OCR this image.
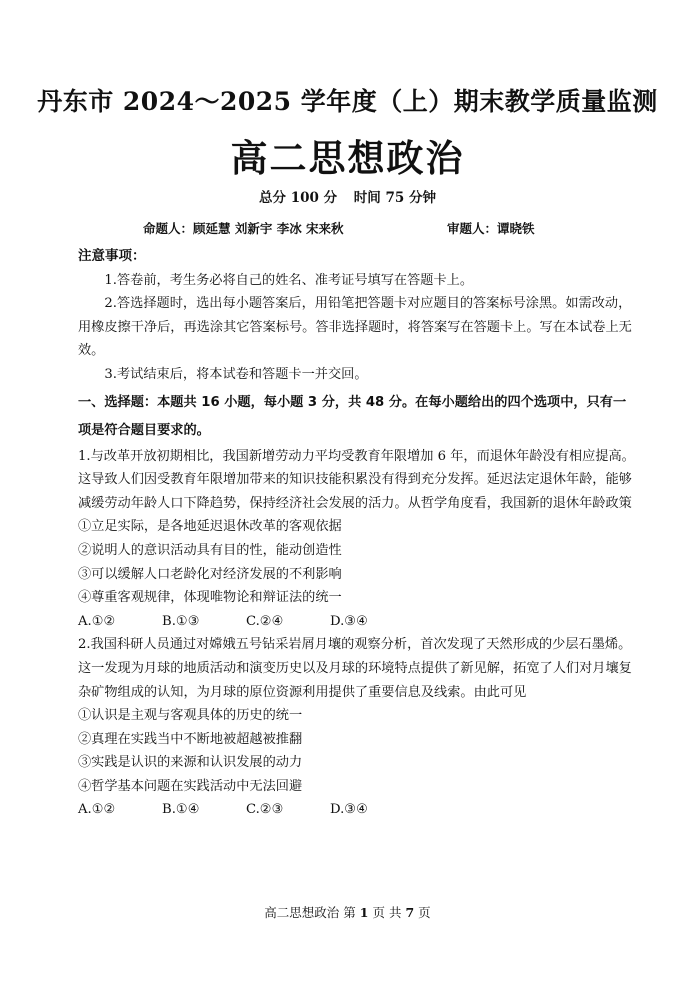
丹东市 2024～2025 学年度（上）期末教学质量监测
高二思想政治
总分 100 分 时间 75 分钟
命题人：顾延慧 刘新宇 李冰 宋来秋	审题人：谭晓铁

注意事项：

1.答卷前，考生务必将自己的姓名、准考证号填写在答题卡上。

2.答选择题时，选出每小题答案后，用铅笔把答题卡对应题目的答案标号涂黑。如需改动，用橡皮擦干净后，再选涂其它答案标号。答非选择题时，将答案写在答题卡上。写在本试卷上无效。

3.考试结束后，将本试卷和答题卡一并交回。

一、选择题：本题共 16 小题，每小题 3 分，共 48 分。在每小题给出的四个选项中，只有一项是符合题目要求的。

1.与改革开放初期相比，我国新增劳动力平均受教育年限增加 6 年，而退休年龄没有相应提高。这导致人们因受教育年限增加带来的知识技能积累没有得到充分发挥。延迟法定退休年龄，能够减缓劳动年龄人口下降趋势，保持经济社会发展的活力。从哲学角度看，我国新的退休年龄政策

①立足实际，是各地延迟退休改革的客观依据

②说明人的意识活动具有目的性，能动创造性

③可以缓解人口老龄化对经济发展的不利影响

④尊重客观规律，体现唯物论和辩证法的统一

A.①②	B.①③	C.②④	D.③④

2.我国科研人员通过对嫦娥五号钻采岩屑月壤的观察分析，首次发现了天然形成的少层石墨烯。这一发现为月球的地质活动和演变历史以及月球的环境特点提供了新见解，拓宽了人们对月壤复杂矿物组成的认知，为月球的原位资源利用提供了重要信息及线索。由此可见

①认识是主观与客观具体的历史的统一

②真理在实践当中不断地被超越被推翻

③实践是认识的来源和认识发展的动力

④哲学基本问题在实践活动中无法回避

A.①②	B.①④	C.②③	D.③④

高二思想政治 第 1 页 共 7 页
